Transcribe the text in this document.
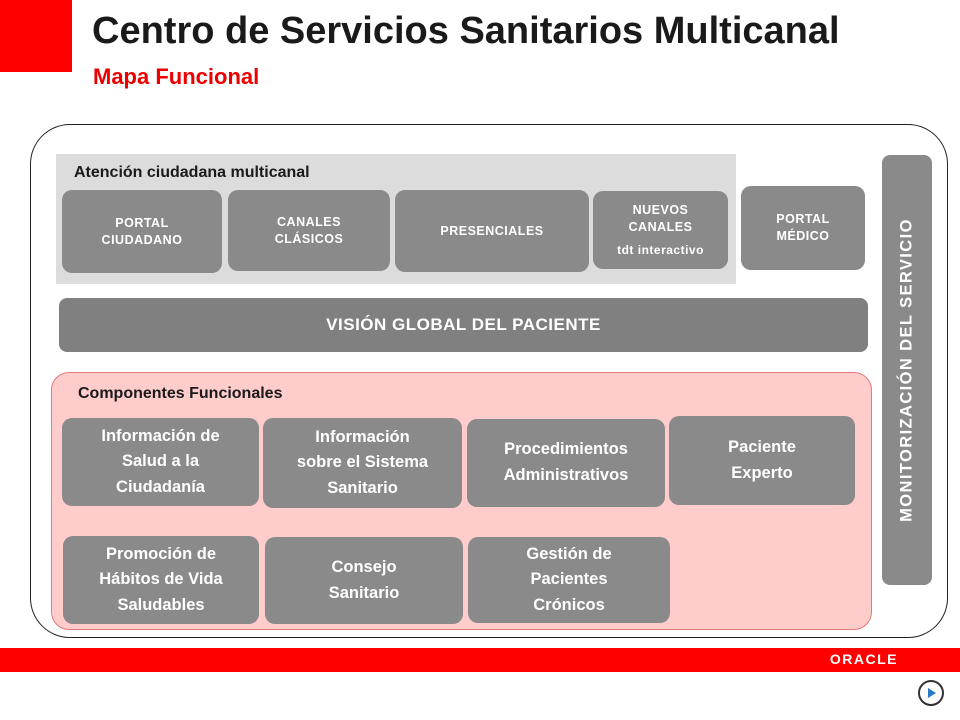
Centro de Servicios Sanitarios Multicanal
Mapa Funcional
Atención ciudadana multicanal
PORTAL
CIUDADANO
CANALES
CLÁSICOS
PRESENCIALES
NUEVOS
CANALES
tdt interactivo
PORTAL
MÉDICO
VISIÓN GLOBAL DEL PACIENTE
Componentes Funcionales
Información de
Salud a la
Ciudadanía
Información
sobre el Sistema
Sanitario
Procedimientos
Administrativos
Paciente
Experto
Promoción de
Hábitos de Vida
Saludables
Consejo
Sanitario
Gestión de
Pacientes
Crónicos
MONITORIZACIÓN DEL SERVICIO
ORACLE
